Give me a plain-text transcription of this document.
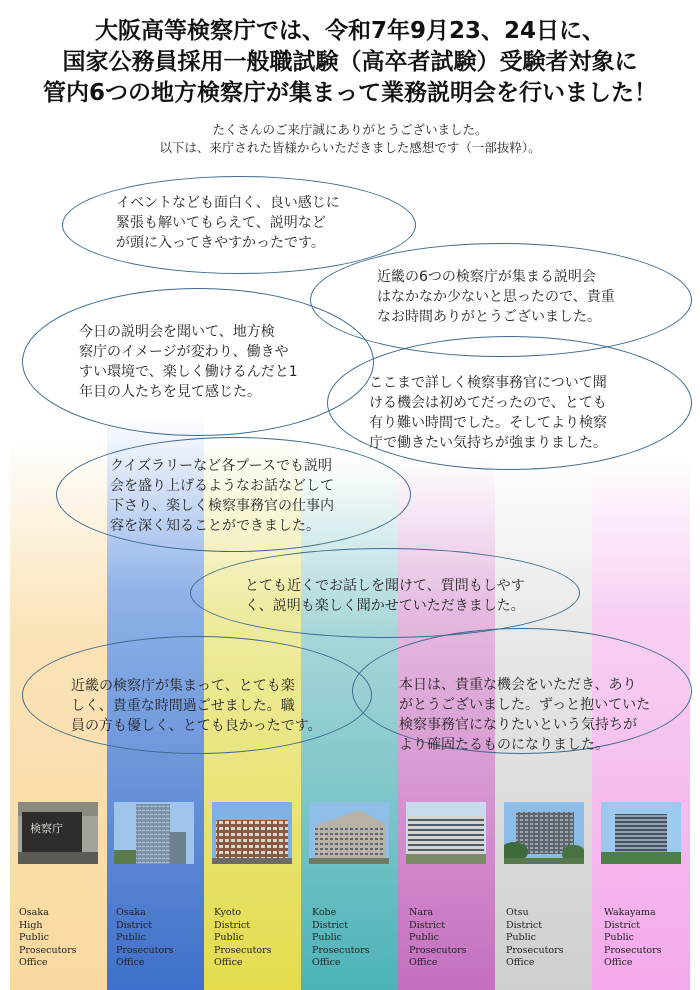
大阪高等検察庁では、令和7年9月23、24日に、
国家公務員採用一般職試験（高卒者試験）受験者対象に
管内6つの地方検察庁が集まって業務説明会を行いました！
たくさんのご来庁誠にありがとうございました。
以下は、来庁された皆様からいただきました感想です（一部抜粋）。
イベントなども面白く、良い感じに
緊張も解いてもらえて、説明など
が頭に入ってきやすかったです。
近畿の6つの検察庁が集まる説明会
はなかなか少ないと思ったので、貴重
なお時間ありがとうございました。
今日の説明会を聞いて、地方検
察庁のイメージが変わり、働きや
すい環境で、楽しく働けるんだと1
年目の人たちを見て感じた。
ここまで詳しく検察事務官について聞
ける機会は初めてだったので、とても
有り難い時間でした。そしてより検察
庁で働きたい気持ちが強まりました。
クイズラリーなど各ブースでも説明
会を盛り上げるようなお話などして
下さり、楽しく検察事務官の仕事内
容を深く知ることができました。
とても近くでお話しを聞けて、質問もしやす
く、説明も楽しく聞かせていただきました。
近畿の検察庁が集まって、とても楽
しく、貴重な時間過ごせました。職
員の方も優しく、とても良かったです。
本日は、貴重な機会をいただき、あり
がとうございました。ずっと抱いていた
検察事務官になりたいという気持ちが
より確固たるものになりました。
検察庁
Osaka
High
Public
Prosecutors
Office
Osaka
District
Public
Prosecutors
Office
Kyoto
District
Public
Prosecutors
Office
Kobe
District
Public
Prosecutors
Office
Nara
District
Public
Prosecutors
Office
Otsu
District
Public
Prosecutors
Office
Wakayama
District
Public
Prosecutors
Office
